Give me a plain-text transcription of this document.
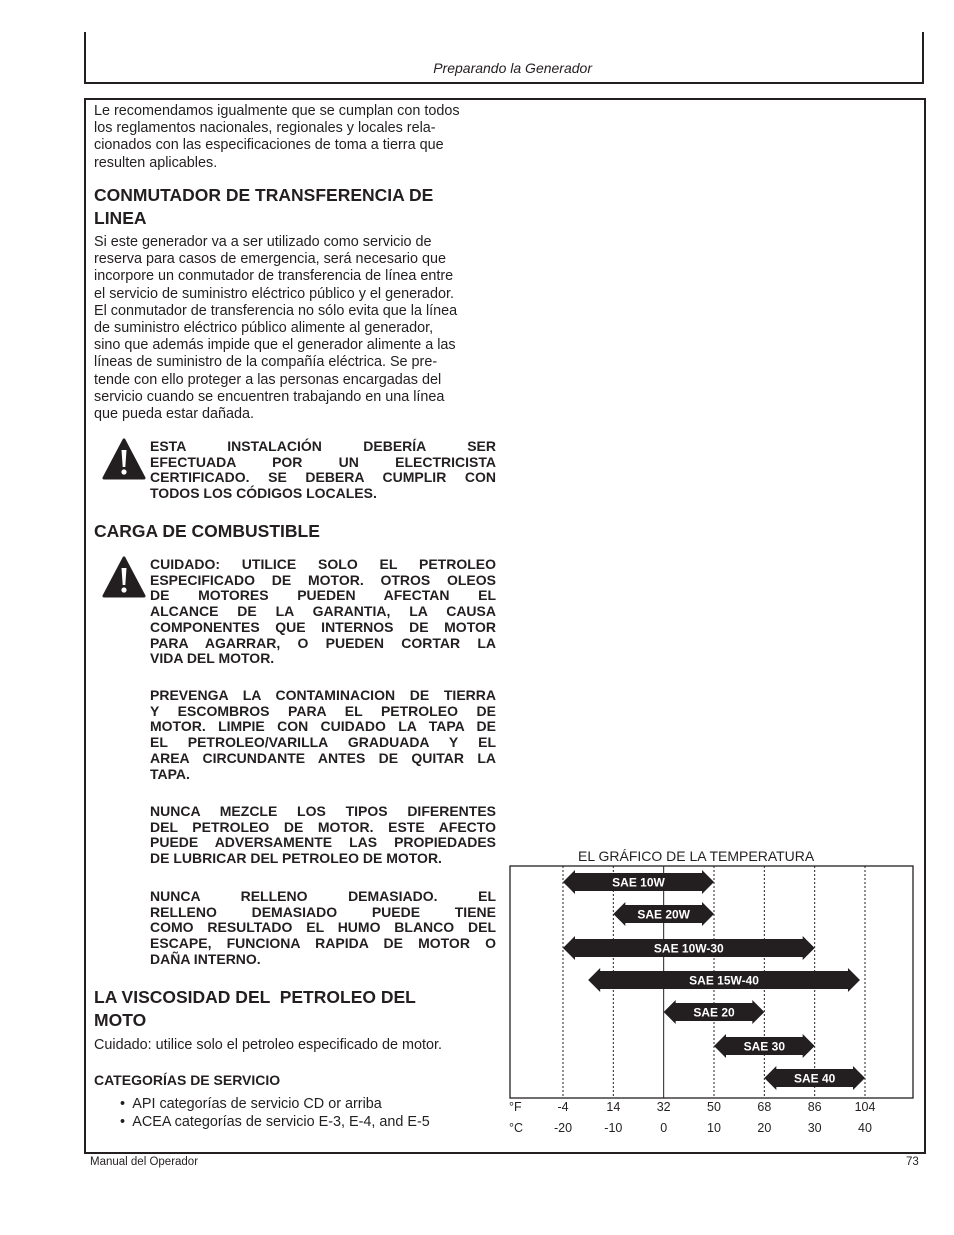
Preparando la Generador

Le recomendamos igualmente que se cumplan con todos

los reglamentos nacionales, regionales y locales rela-

cionados con las especificaciones de toma a tierra que

resulten aplicables.

CONMUTADOR DE TRANSFERENCIA DE

LINEA

Si este generador va a ser utilizado como servicio de

reserva para casos de emergencia, será necesario que

incorpore un conmutador de transferencia de línea entre

el servicio de suministro eléctrico público y el generador.

El conmutador de transferencia no sólo evita que la línea

de suministro eléctrico público alimente al generador,

sino que además impide que el generador alimente a las

líneas de suministro de la compañía eléctrica. Se pre-

tende con ello proteger a las personas encargadas del

servicio cuando se encuentren trabajando en una línea

que pueda estar dañada.

ESTA INSTALACIÓN DEBERÍA SER

EFECTUADA POR UN ELECTRICISTA

CERTIFICADO. SE DEBERA CUMPLIR CON

TODOS LOS CÓDIGOS LOCALES.

CARGA DE COMBUSTIBLE

CUIDADO: UTILICE SOLO EL PETROLEO

ESPECIFICADO DE MOTOR. OTROS OLEOS

DE MOTORES PUEDEN AFECTAN EL

ALCANCE DE LA GARANTIA, LA CAUSA

COMPONENTES QUE INTERNOS DE MOTOR

PARA AGARRAR, O PUEDEN CORTAR LA

VIDA DEL MOTOR.

PREVENGA LA CONTAMINACION DE TIERRA

Y ESCOMBROS PARA EL PETROLEO DE

MOTOR. LIMPIE CON CUIDADO LA TAPA DE

EL PETROLEO/VARILLA GRADUADA Y EL

AREA CIRCUNDANTE ANTES DE QUITAR LA

TAPA.

NUNCA MEZCLE LOS TIPOS DIFERENTES

DEL PETROLEO DE MOTOR. ESTE AFECTO

PUEDE ADVERSAMENTE LAS PROPIEDADES

DE LUBRICAR DEL PETROLEO DE MOTOR.

NUNCA RELLENO DEMASIADO. EL

RELLENO DEMASIADO PUEDE TIENE

COMO RESULTADO EL HUMO BLANCO DEL

ESCAPE, FUNCIONA RAPIDA DE MOTOR O

DAÑA INTERNO.

LA VISCOSIDAD DEL  PETROLEO DEL

MOTO

Cuidado: utilice solo el petroleo especificado de motor.

CATEGORÍAS DE SERVICIO

•  API categorías de servicio CD or arriba
•  ACEA categorías de servicio E-3, E-4, and E-5
EL GRÁFICO DE LA TEMPERATURA
SAE 10W
SAE 20W
SAE 10W-30
SAE 15W-40
SAE 20
SAE 30
SAE 40
°F
°C
-4
-20
14
-10
32
0
50
10
68
20
86
30
104
40
Manual del Operador	73
